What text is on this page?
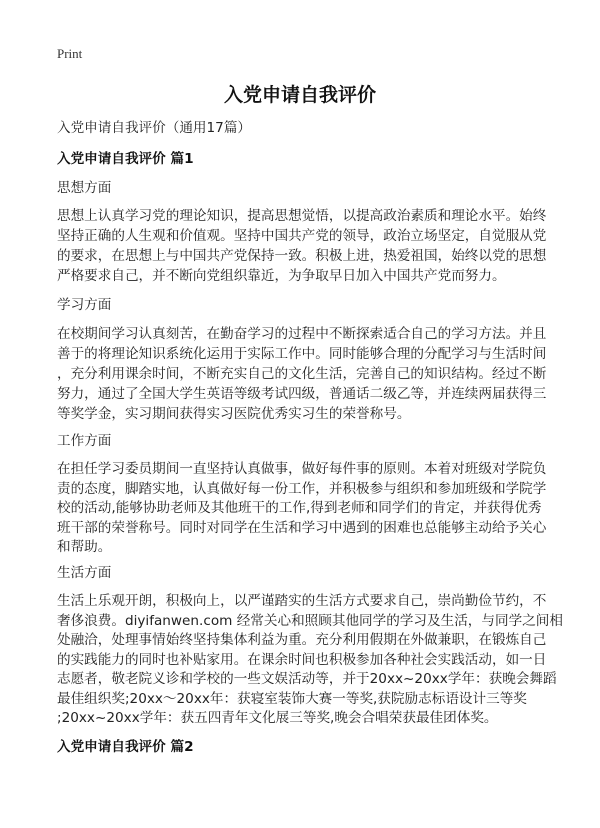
Print
入党申请自我评价
入党申请自我评价（通用17篇）
入党申请自我评价 篇1
思想方面
思想上认真学习党的理论知识，提高思想觉悟，以提高政治素质和理论水平。始终
坚持正确的人生观和价值观。坚持中国共产党的领导，政治立场坚定，自觉服从党
的要求，在思想上与中国共产党保持一致。积极上进，热爱祖国，始终以党的思想
严格要求自己，并不断向党组织靠近，为争取早日加入中国共产党而努力。
学习方面
在校期间学习认真刻苦，在勤奋学习的过程中不断探索适合自己的学习方法。并且
善于的将理论知识系统化运用于实际工作中。同时能够合理的分配学习与生活时间
，充分利用课余时间，不断充实自己的文化生活，完善自己的知识结构。经过不断
努力，通过了全国大学生英语等级考试四级，普通话二级乙等，并连续两届获得三
等奖学金，实习期间获得实习医院优秀实习生的荣誉称号。
工作方面
在担任学习委员期间一直坚持认真做事，做好每件事的原则。本着对班级对学院负
责的态度，脚踏实地，认真做好每一份工作，并积极参与组织和参加班级和学院学
校的活动,能够协助老师及其他班干的工作,得到老师和同学们的肯定，并获得优秀
班干部的荣誉称号。同时对同学在生活和学习中遇到的困难也总能够主动给予关心
和帮助。
生活方面
生活上乐观开朗，积极向上，以严谨踏实的生活方式要求自己，崇尚勤俭节约，不
奢侈浪费。diyifanwen.com 经常关心和照顾其他同学的学习及生活，与同学之间相
处融洽，处理事情始终坚持集体利益为重。充分利用假期在外做兼职，在锻炼自己
的实践能力的同时也补贴家用。在课余时间也积极参加各种社会实践活动，如一日
志愿者，敬老院义诊和学校的一些文娱活动等，并于20xx~20xx学年：获晚会舞蹈
最佳组织奖;20xx～20xx年：获寝室装饰大赛一等奖,获院励志标语设计三等奖
;20xx~20xx学年：获五四青年文化展三等奖,晚会合唱荣获最佳团体奖。
入党申请自我评价 篇2
